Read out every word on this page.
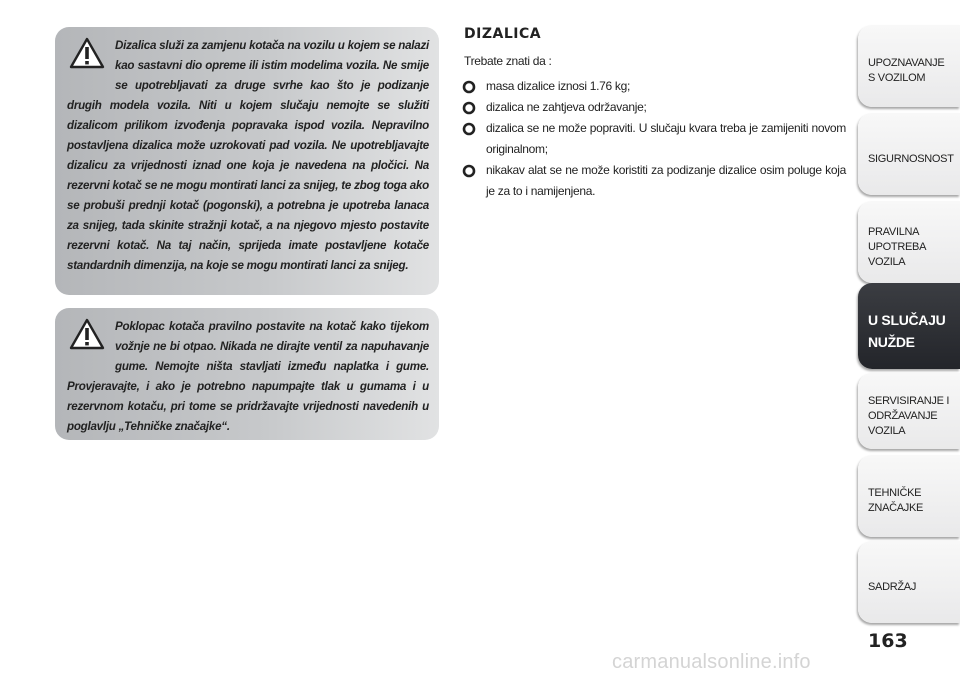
Dizalica služi za zamjenu kotača na vozilu u kojem se nalazi kao sastavni dio opreme ili istim modelima vozila. Ne smije se upotrebljavati za druge svrhe kao što je podizanje drugih modela vozila. Niti u kojem slučaju nemojte se služiti dizalicom prilikom izvođenja popravaka ispod vozila. Nepravilno postavljena dizalica može uzrokovati pad vozila. Ne upotrebljavajte dizalicu za vrijednosti iznad one koja je navedena na pločici. Na rezervni kotač se ne mogu montirati lanci za snijeg, te zbog toga ako se probuši prednji kotač (pogonski), a potrebna je upotreba lanaca za snijeg, tada skinite stražnji kotač, a na njegovo mjesto postavite rezervni kotač. Na taj način, sprijeda imate postavljene kotače standardnih dimenzija, na koje se mogu montirati lanci za snijeg.
Poklopac kotača pravilno postavite na kotač kako tijekom vožnje ne bi otpao. Nikada ne dirajte ventil za napuhavanje gume. Nemojte ništa stavljati između naplatka i gume. Provjeravajte, i ako je potrebno napumpajte tlak u gumama i u rezervnom kotaču, pri tome se pridržavajte vrijednosti navedenih u poglavlju „Tehničke značajke“.
DIZALICA
Trebate znati da :
masa dizalice iznosi 1.76 kg;
dizalica ne zahtjeva održavanje;
dizalica se ne može popraviti. U slučaju kvara treba je zamijeniti novom originalnom;
nikakav alat se ne može koristiti za podizanje dizalice osim poluge koja je za to i namijenjena.
UPOZNAVANJE
S VOZILOM
SIGURNOSNOST
PRAVILNA
UPOTREBA
VOZILA
U SLUČAJU
NUŽDE
SERVISIRANJE I
ODRŽAVANJE
VOZILA
TEHNIČKE
ZNAČAJKE
SADRŽAJ
163
carmanualsonline.info
